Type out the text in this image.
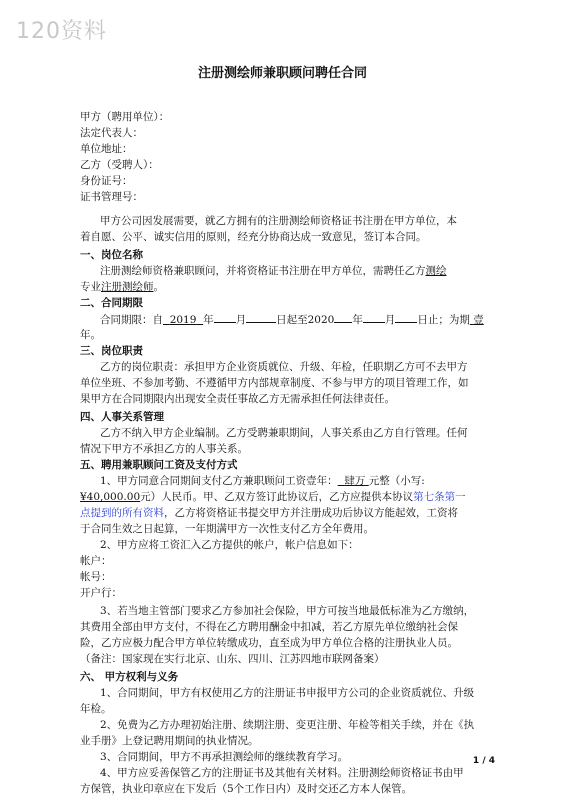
120资料
注册测绘师兼职顾问聘任合同
甲方（聘用单位）：
法定代表人：
单位地址：
乙方（受聘人）：
身份证号：
证书管理号：
甲方公司因发展需要，就乙方拥有的注册测绘师资格证书注册在甲方单位，本
着自愿、公平、诚实信用的原则，经充分协商达成一致意见，签订本合同。
一、岗位名称
注册测绘师资格兼职顾问，并将资格证书注册在甲方单位，需聘任乙方测绘
专业注册测绘师。
二、合同期限
合同期限：自 2019 年 月	日起至2020 年 月 日止；为期 壹
年。
三、岗位职责
乙方的岗位职责：承担甲方企业资质就位、升级、年检，任职期乙方可不去甲方
单位坐班、不参加考勤、不遵循甲方内部规章制度、不参与甲方的项目管理工作，如
果甲方在合同期限内出现安全责任事故乙方无需承担任何法律责任。
四、人事关系管理
乙方不纳入甲方企业编制。乙方受聘兼职期间，人事关系由乙方自行管理。任何
情况下甲方不承担乙方的人事关系。
五、聘用兼职顾问工资及支付方式
1、甲方同意合同期间支付乙方兼职顾问工资壹年： 肆万 元整（小写:
¥40,000.00元）人民币。甲、乙双方签订此协议后，乙方应提供本协议第七条第一
点提到的所有资料，乙方将资格证书提交甲方并注册成功后协议方能起效，工资将
于合同生效之日起算，一年期满甲方一次性支付乙方全年费用。
2、甲方应将工资汇入乙方提供的帐户，帐户信息如下：
帐户：
帐号：
开户行：
3、若当地主管部门要求乙方参加社会保险，甲方可按当地最低标准为乙方缴纳，
其费用全部由甲方支付，不得在乙方聘用酬金中扣减，若乙方原先单位缴纳社会保
险，乙方应极力配合甲方单位转缴成功，直至成为甲方单位合格的注册执业人员。
（备注：国家现在实行北京、山东、四川、江苏四地市联网备案）
六、 甲方权利与义务
1、合同期间，甲方有权使用乙方的注册证书申报甲方公司的企业资质就位、升级
年检。
2、免费为乙方办理初始注册、续期注册、变更注册、年检等相关手续，并在《执
业手册》上登记聘用期间的执业情况。
3、合同期间，甲方不再承担测绘师的继续教育学习。
4、甲方应妥善保管乙方的注册证书及其他有关材料。注册测绘师资格证书由甲
方保管，执业印章应在下发后（5个工作日内）及时交还乙方本人保管。
1 / 4
